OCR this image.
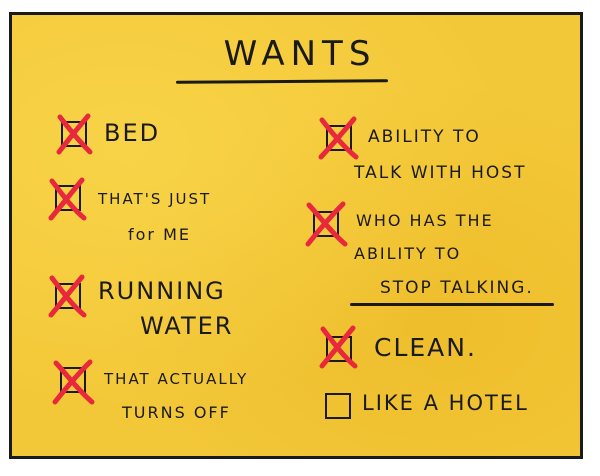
WANTS
BED
THAT'S JUST
for ME
RUNNING
WATER
THAT ACTUALLY
TURNS OFF
ABILITY TO
TALK WITH HOST
WHO HAS THE
ABILITY TO
STOP TALKING.
CLEAN.
LIKE A HOTEL
